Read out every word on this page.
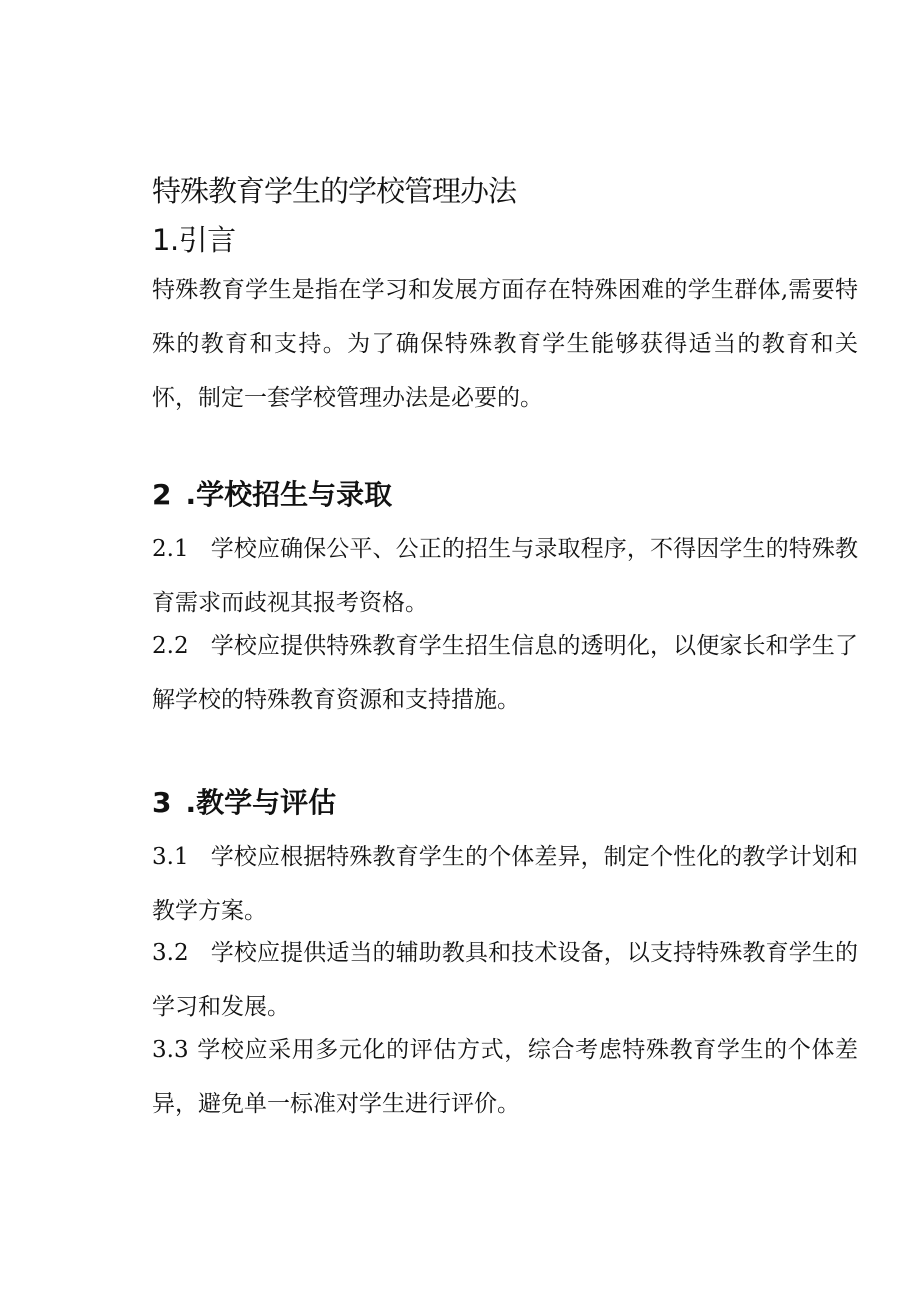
特殊教育学生的学校管理办法
1.引言
特殊教育学生是指在学习和发展方面存在特殊困难的学生群体,需要特殊的教育和支持。为了确保特殊教育学生能够获得适当的教育和关怀，制定一套学校管理办法是必要的。
2 .学校招生与录取
2.1 学校应确保公平、公正的招生与录取程序，不得因学生的特殊教育需求而歧视其报考资格。
2.2 学校应提供特殊教育学生招生信息的透明化，以便家长和学生了解学校的特殊教育资源和支持措施。
3 .教学与评估
3.1 学校应根据特殊教育学生的个体差异，制定个性化的教学计划和教学方案。
3.2 学校应提供适当的辅助教具和技术设备，以支持特殊教育学生的学习和发展。
3.3 学校应采用多元化的评估方式，综合考虑特殊教育学生的个体差异，避免单一标准对学生进行评价。
